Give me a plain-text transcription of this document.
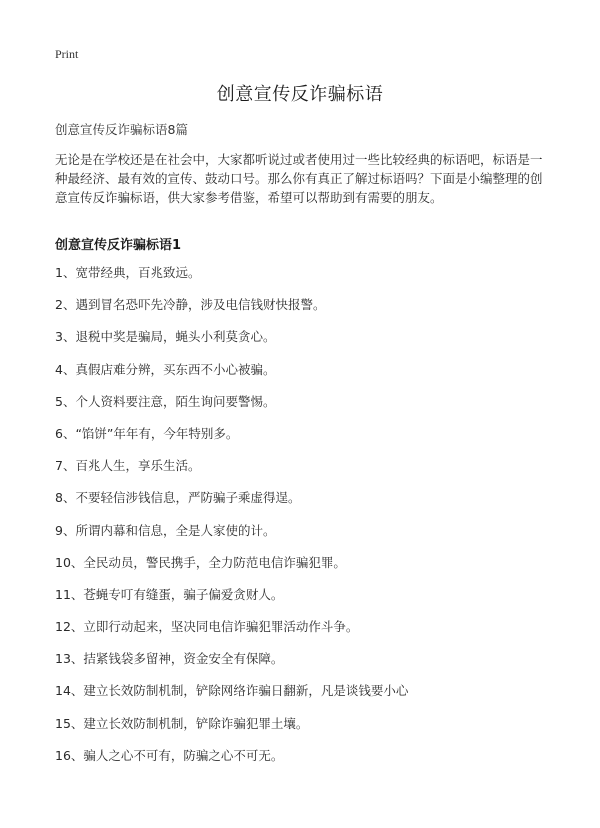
Print
创意宣传反诈骗标语
创意宣传反诈骗标语8篇
无论是在学校还是在社会中，大家都听说过或者使用过一些比较经典的标语吧，标语是一种最经济、最有效的宣传、鼓动口号。那么你有真正了解过标语吗？下面是小编整理的创意宣传反诈骗标语，供大家参考借鉴，希望可以帮助到有需要的朋友。
创意宣传反诈骗标语1
1、宽带经典，百兆致远。
2、遇到冒名恐吓先冷静，涉及电信钱财快报警。
3、退税中奖是骗局，蝇头小利莫贪心。
4、真假店难分辨，买东西不小心被骗。
5、个人资料要注意，陌生询问要警惕。
6、“馅饼”年年有，今年特别多。
7、百兆人生，享乐生活。
8、不要轻信涉钱信息，严防骗子乘虚得逞。
9、所谓内幕和信息，全是人家使的计。
10、全民动员，警民携手，全力防范电信诈骗犯罪。
11、苍蝇专叮有缝蛋，骗子偏爱贪财人。
12、立即行动起来，坚决同电信诈骗犯罪活动作斗争。
13、拮紧钱袋多留神，资金安全有保障。
14、建立长效防制机制，铲除网络诈骗日翻新，凡是谈钱要小心
15、建立长效防制机制，铲除诈骗犯罪土壤。
16、骗人之心不可有，防骗之心不可无。
